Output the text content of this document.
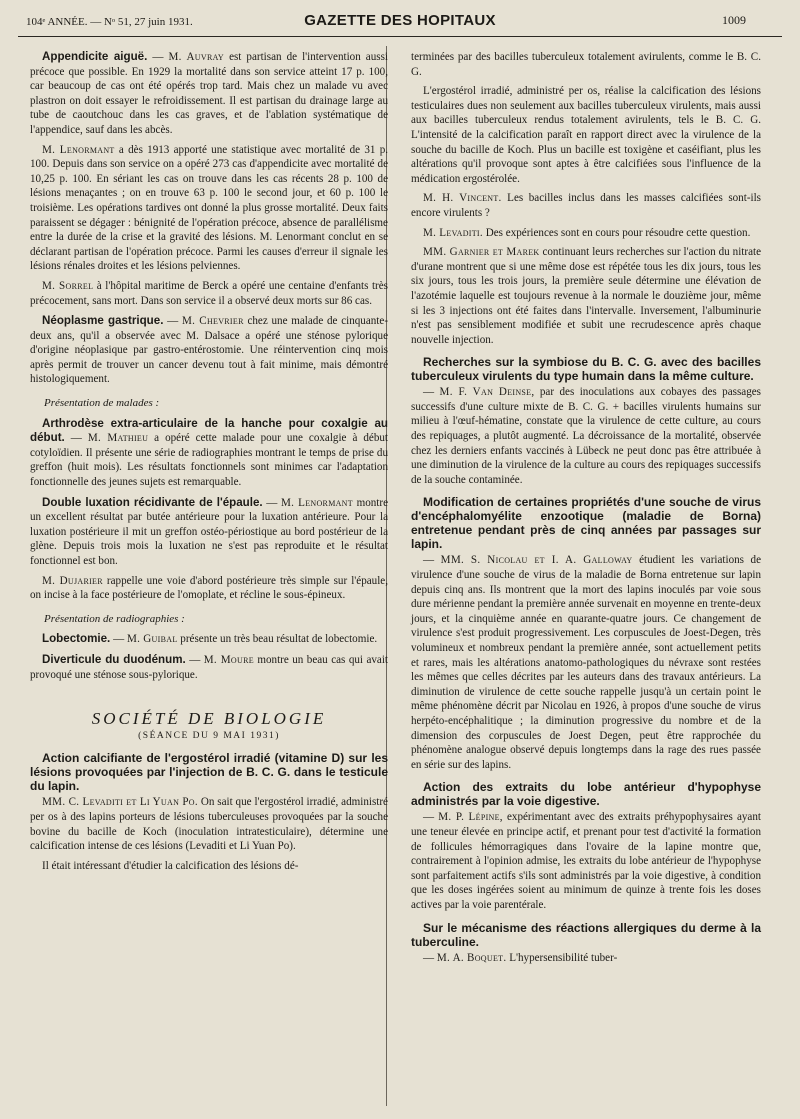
104ᵉ ANNÉE. — Nᵒ 51, 27 juin 1931.	GAZETTE DES HOPITAUX	1009

Appendicite aiguë. — M. Auvray est partisan de l'intervention aussi précoce que possible. En 1929 la mortalité dans son service atteint 17 p. 100, car beaucoup de cas ont été opérés trop tard. Mais chez un malade vu avec plastron on doit essayer le refroidissement. Il est partisan du drainage large au tube de caoutchouc dans les cas graves, et de l'ablation systématique de l'appendice, sauf dans les abcès.

M. Lenormant a dès 1913 apporté une statistique avec mortalité de 31 p. 100. Depuis dans son service on a opéré 273 cas d'appendicite avec mortalité de 10,25 p. 100. En sériant les cas on trouve dans les cas récents 28 p. 100 de lésions menaçantes ; on en trouve 63 p. 100 le second jour, et 60 p. 100 le troisième. Les opérations tardives ont donné la plus grosse mortalité. Deux faits paraissent se dégager : bénignité de l'opération précoce, absence de parallélisme entre la durée de la crise et la gravité des lésions. M. Lenormant conclut en se déclarant partisan de l'opération précoce. Parmi les causes d'erreur il signale les lésions rénales droites et les lésions pelviennes.

M. Sorrel à l'hôpital maritime de Berck a opéré une centaine d'enfants très précocement, sans mort. Dans son service il a observé deux morts sur 86 cas.

Néoplasme gastrique. — M. Chevrier chez une malade de cinquante-deux ans, qu'il a observée avec M. Dalsace a opéré une sténose pylorique d'origine néoplasique par gastro-entérostomie. Une réintervention cinq mois après permit de trouver un cancer devenu tout à fait minime, mais démontré histologiquement.

Présentation de malades :

Arthrodèse extra-articulaire de la hanche pour coxalgie au début. — M. Mathieu a opéré cette malade pour une coxalgie à début cotyloïdien. Il présente une série de radiographies montrant le temps de prise du greffon (huit mois). Les résultats fonctionnels sont minimes car l'adaptation fonctionnelle des jeunes sujets est remarquable.

Double luxation récidivante de l'épaule. — M. Lenormant montre un excellent résultat par butée antérieure pour la luxation antérieure. Pour la luxation postérieure il mit un greffon ostéo-périostique au bord postérieur de la glène. Depuis trois mois la luxation ne s'est pas reproduite et le résultat fonctionnel est bon.

M. Dujarier rappelle une voie d'abord postérieure très simple sur l'épaule, on incise à la face postérieure de l'omoplate, et récline le sous-épineux.

Présentation de radiographies :

Lobectomie. — M. Guibal présente un très beau résultat de lobectomie.

Diverticule du duodénum. — M. Moure montre un beau cas qui avait provoqué une sténose sous-pylorique.

SOCIÉTÉ DE BIOLOGIE
(SÉANCE DU 9 MAI 1931)
Action calcifiante de l'ergostérol irradié (vitamine D) sur les lésions provoquées par l'injection de B. C. G. dans le testicule du lapin.

MM. C. Levaditi et Li Yuan Po. On sait que l'ergostérol irradié, administré per os à des lapins porteurs de lésions tuberculeuses provoquées par la souche bovine du bacille de Koch (inoculation intratesticulaire), détermine une calcification intense de ces lésions (Levaditi et Li Yuan Po).

Il était intéressant d'étudier la calcification des lésions dé-

terminées par des bacilles tuberculeux totalement avirulents, comme le B. C. G.

L'ergostérol irradié, administré per os, réalise la calcification des lésions testiculaires dues non seulement aux bacilles tuberculeux virulents, mais aussi aux bacilles tuberculeux rendus totalement avirulents, tels le B. C. G. L'intensité de la calcification paraît en rapport direct avec la virulence de la souche du bacille de Koch. Plus un bacille est toxigène et caséifiant, plus les altérations qu'il provoque sont aptes à être calcifiées sous l'influence de la médication ergostérolée.

M. H. Vincent. Les bacilles inclus dans les masses calcifiées sont-ils encore virulents ?

M. Levaditi. Des expériences sont en cours pour résoudre cette question.

MM. Garnier et Marek continuant leurs recherches sur l'action du nitrate d'urane montrent que si une même dose est répétée tous les dix jours, tous les six jours, tous les trois jours, la première seule détermine une élévation de l'azotémie laquelle est toujours revenue à la normale le douzième jour, même si les 3 injections ont été faites dans l'intervalle. Inversement, l'albuminurie n'est pas sensiblement modifiée et subit une recrudescence après chaque nouvelle injection.

Recherches sur la symbiose du B. C. G. avec des bacilles tuberculeux virulents du type humain dans la même culture.

— M. F. Van Deinse, par des inoculations aux cobayes des passages successifs d'une culture mixte de B. C. G. + bacilles virulents humains sur milieu à l'œuf-hématine, constate que la virulence de cette culture, au cours des repiquages, a plutôt augmenté. La décroissance de la mortalité, observée chez les derniers enfants vaccinés à Lübeck ne peut donc pas être attribuée à une diminution de la virulence de la culture au cours des repiquages successifs de la souche contaminée.

Modification de certaines propriétés d'une souche de virus d'encéphalomyélite enzootique (maladie de Borna) entretenue pendant près de cinq années par passages sur lapin.

— MM. S. Nicolau et I. A. Galloway étudient les variations de virulence d'une souche de virus de la maladie de Borna entretenue sur lapin depuis cinq ans. Ils montrent que la mort des lapins inoculés par voie sous dure mérienne pendant la première année survenait en moyenne en trente-deux jours, et la cinquième année en quarante-quatre jours. Ce changement de virulence s'est produit progressivement. Les corpuscules de Joest-Degen, très volumineux et nombreux pendant la première année, sont actuellement petits et rares, mais les altérations anatomo-pathologiques du névraxe sont restées les mêmes que celles décrites par les auteurs dans des travaux antérieurs. La diminution de virulence de cette souche rappelle jusqu'à un certain point le même phénomène décrit par Nicolau en 1926, à propos d'une souche de virus herpéto-encéphalitique ; la diminution progressive du nombre et de la dimension des corpuscules de Joest Degen, peut être rapprochée du phénomène analogue observé depuis longtemps dans la rage des rues passée en série sur des lapins.

Action des extraits du lobe antérieur d'hypophyse administrés par la voie digestive.

— M. P. Lépine, expérimentant avec des extraits préhypophysaires ayant une teneur élevée en principe actif, et prenant pour test d'activité la formation de follicules hémorragiques dans l'ovaire de la lapine montre que, contrairement à l'opinion admise, les extraits du lobe antérieur de l'hypophyse sont parfaitement actifs s'ils sont administrés par la voie digestive, à condition que les doses ingérées soient au minimum de quinze à trente fois les doses actives par la voie parentérale.

Sur le mécanisme des réactions allergiques du derme à la tuberculine.

— M. A. Boquet. L'hypersensibilité tuber-
